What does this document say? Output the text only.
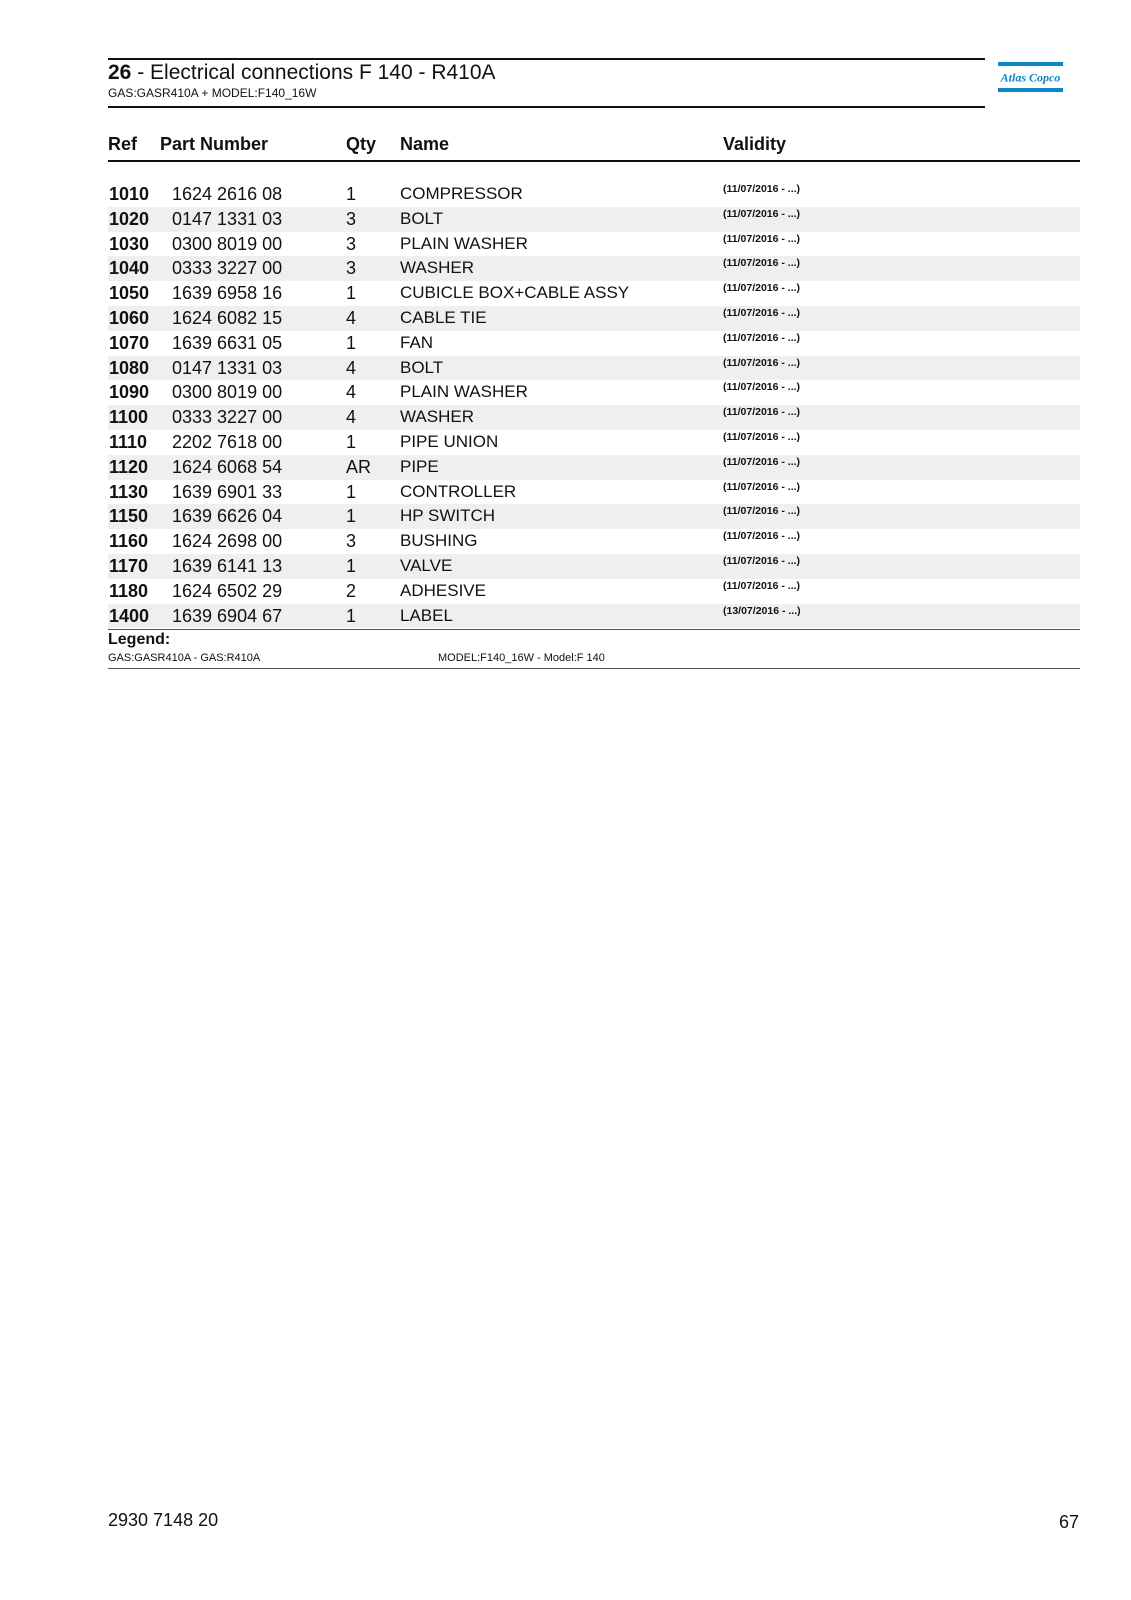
26 - Electrical connections F 140 - R410A
GAS:GASR410A + MODEL:F140_16W
Atlas Copco
Ref Part Number	Qty Name	Validity
1010 1624 2616 08	1	COMPRESSOR	(11/07/2016 - ...)
1020 0147 1331 03	3	BOLT	(11/07/2016 - ...)
1030 0300 8019 00	3	PLAIN WASHER	(11/07/2016 - ...)
1040 0333 3227 00	3	WASHER	(11/07/2016 - ...)
1050 1639 6958 16	1	CUBICLE BOX+CABLE ASSY	(11/07/2016 - ...)
1060 1624 6082 15	4	CABLE TIE	(11/07/2016 - ...)
1070 1639 6631 05	1	FAN	(11/07/2016 - ...)
1080 0147 1331 03	4	BOLT	(11/07/2016 - ...)
1090 0300 8019 00	4	PLAIN WASHER	(11/07/2016 - ...)
1100 0333 3227 00	4	WASHER	(11/07/2016 - ...)
1110 2202 7618 00	1	PIPE UNION	(11/07/2016 - ...)
1120 1624 6068 54	AR PIPE	(11/07/2016 - ...)
1130 1639 6901 33	1	CONTROLLER	(11/07/2016 - ...)
1150 1639 6626 04	1	HP SWITCH	(11/07/2016 - ...)
1160 1624 2698 00	3	BUSHING	(11/07/2016 - ...)
1170 1639 6141 13	1	VALVE	(11/07/2016 - ...)
1180 1624 6502 29	2	ADHESIVE	(11/07/2016 - ...)
1400 1639 6904 67	1	LABEL	(13/07/2016 - ...)
Legend:
GAS:GASR410A - GAS:R410A	MODEL:F140_16W - Model:F 140
2930 7148 20	67
